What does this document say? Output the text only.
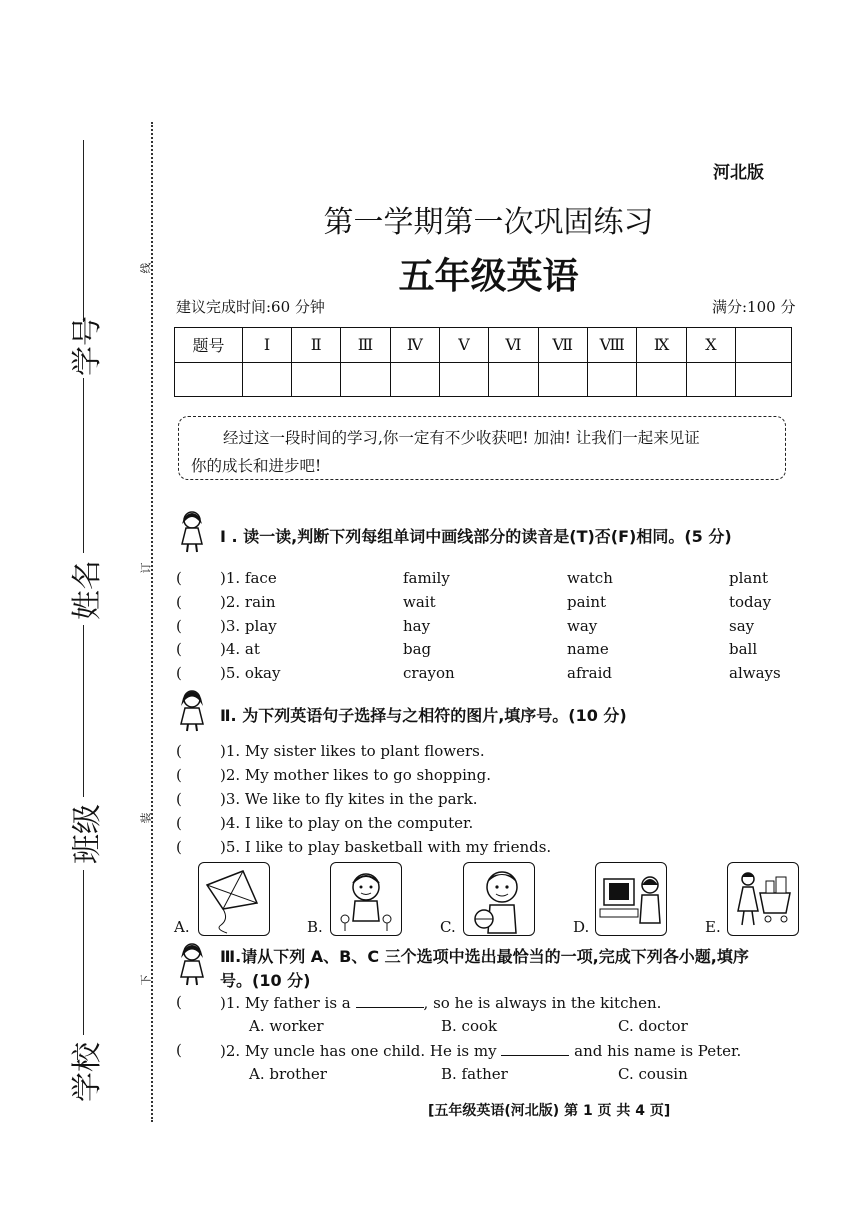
学号
姓名
班级
学校
线
订
装
下
河北版
第一学期第一次巩固练习
五年级英语
建议完成时间:60 分钟	满分:100 分
题号	I	Ⅱ	Ⅲ	Ⅳ	Ⅴ	Ⅵ	Ⅶ	Ⅷ	Ⅸ	X	

经过这一段时间的学习,你一定有不少收获吧! 加油! 让我们一起来见证
你的成长和进步吧!
I . 读一读,判断下列每组单词中画线部分的读音是(T)否(F)相同。(5 分)
(	)1. face	family	watch	plant
(	)2. rain	wait	paint	today
(	)3. play	hay	way	say
(	)4. at	bag	name	ball
(	)5. okay	crayon	afraid	always
Ⅱ. 为下列英语句子选择与之相符的图片,填序号。(10 分)
(	)1. My sister likes to plant flowers.
(	)2. My mother likes to go shopping.
(	)3. We like to fly kites in the park.
(	)4. I like to play on the computer.
(	)5. I like to play basketball with my friends.
A.	B.	C.	D.	E.
Ⅲ.请从下列 A、B、C 三个选项中选出最恰当的一项,完成下列各小题,填序
号。(10 分)
(	)1. My father is a	, so he is always in the kitchen.
A. worker	B. cook	C. doctor
(	)2. My uncle has one child. He is my	and his name is Peter.
A. brother	B. father	C. cousin
[五年级英语(河北版) 第 1 页 共 4 页]
